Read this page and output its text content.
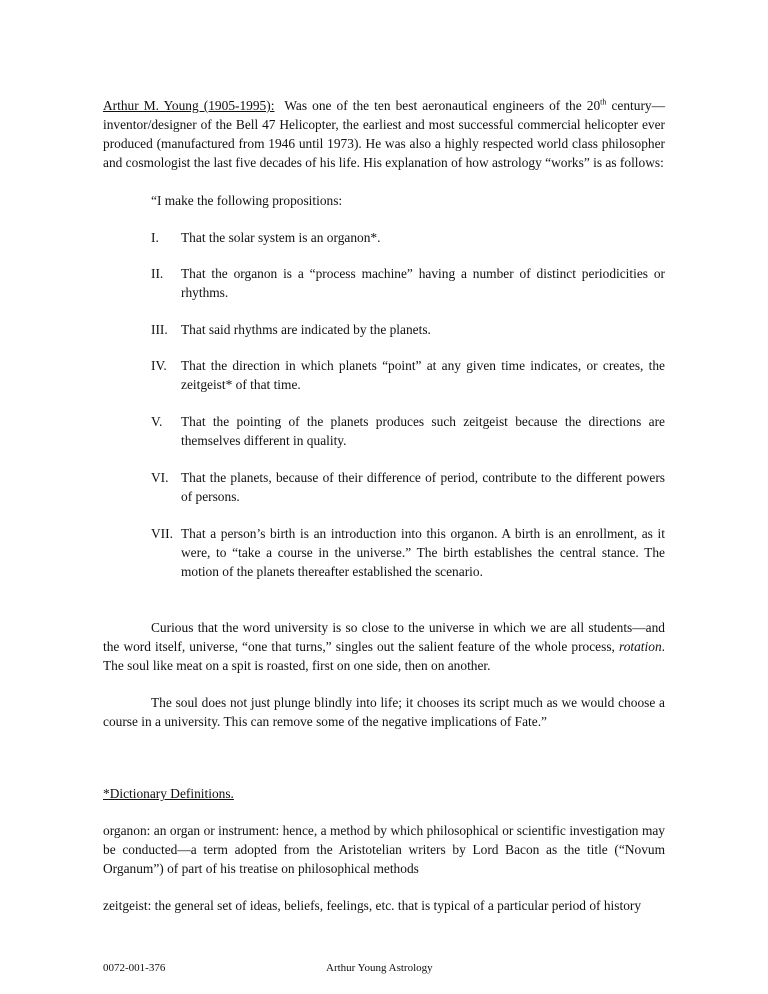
Arthur M. Young (1905-1995): Was one of the ten best aeronautical engineers of the 20th century—inventor/designer of the Bell 47 Helicopter, the earliest and most successful commercial helicopter ever produced (manufactured from 1946 until 1973). He was also a highly respected world class philosopher and cosmologist the last five decades of his life. His explanation of how astrology “works” is as follows:

“I make the following propositions:

I. That the solar system is an organon*.
II. That the organon is a “process machine” having a number of distinct periodicities or rhythms.
III. That said rhythms are indicated by the planets.
IV. That the direction in which planets “point” at any given time indicates, or creates, the zeitgeist* of that time.
V. That the pointing of the planets produces such zeitgeist because the directions are themselves different in quality.
VI. That the planets, because of their difference of period, contribute to the different powers of persons.
VII. That a person’s birth is an introduction into this organon. A birth is an enrollment, as it were, to “take a course in the universe.” The birth establishes the central stance. The motion of the planets thereafter established the scenario.

Curious that the word university is so close to the universe in which we are all students—and the word itself, universe, “one that turns,” singles out the salient feature of the whole process, rotation. The soul like meat on a spit is roasted, first on one side, then on another.

The soul does not just plunge blindly into life; it chooses its script much as we would choose a course in a university. This can remove some of the negative implications of Fate.”

*Dictionary Definitions.

organon: an organ or instrument: hence, a method by which philosophical or scientific investigation may be conducted—a term adopted from the Aristotelian writers by Lord Bacon as the title (“Novum Organum”) of part of his treatise on philosophical methods

zeitgeist: the general set of ideas, beliefs, feelings, etc. that is typical of a particular period of history

0072-001-376	Arthur Young Astrology
